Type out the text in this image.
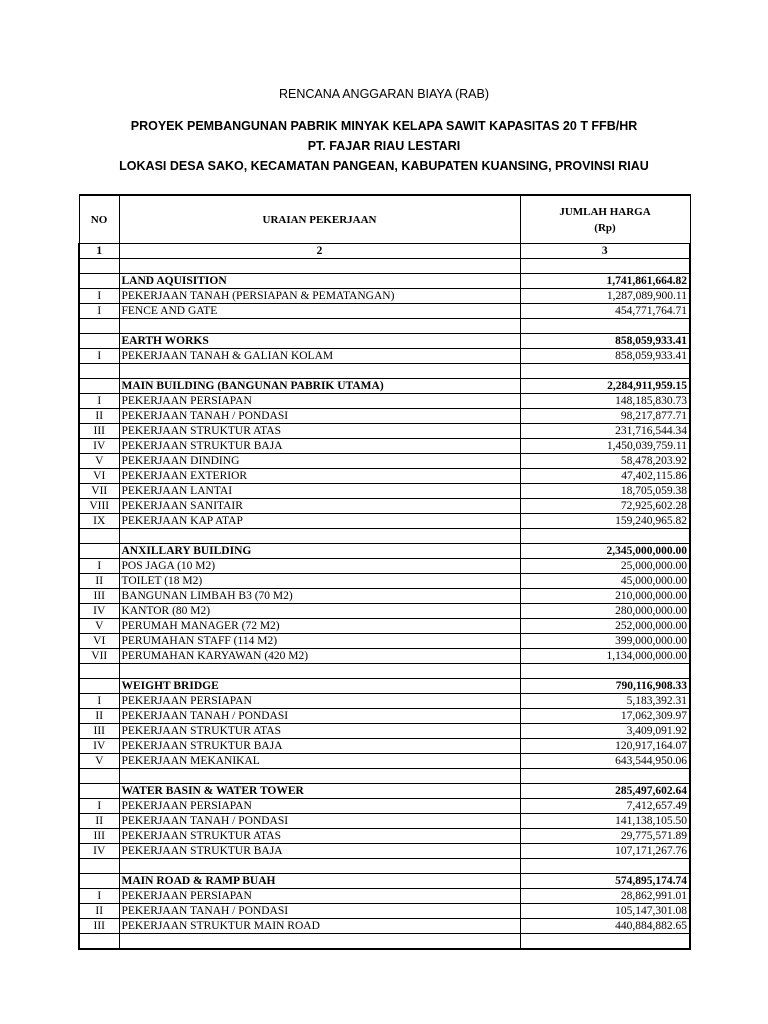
RENCANA ANGGARAN BIAYA (RAB)
PROYEK PEMBANGUNAN PABRIK MINYAK KELAPA SAWIT KAPASITAS 20 T FFB/HR
PT. FAJAR RIAU LESTARI
LOKASI DESA SAKO, KECAMATAN PANGEAN, KABUPATEN KUANSING, PROVINSI RIAU
NO	URAIAN PEKERJAAN	JUMLAH HARGA
(Rp)
1	2	3

	LAND AQUISITION	1,741,861,664.82
I	PEKERJAAN TANAH (PERSIAPAN & PEMATANGAN)	1,287,089,900.11
I	FENCE AND GATE	454,771,764.71

	EARTH WORKS	858,059,933.41
I	PEKERJAAN TANAH & GALIAN KOLAM	858,059,933.41

	MAIN BUILDING (BANGUNAN PABRIK UTAMA)	2,284,911,959.15
I	PEKERJAAN PERSIAPAN	148,185,830.73
II	PEKERJAAN TANAH / PONDASI	98,217,877.71
III	PEKERJAAN STRUKTUR ATAS	231,716,544.34
IV	PEKERJAAN STRUKTUR BAJA	1,450,039,759.11
V	PEKERJAAN DINDING	58,478,203.92
VI	PEKERJAAN EXTERIOR	47,402,115.86
VII	PEKERJAAN LANTAI	18,705,059.38
VIII	PEKERJAAN SANITAIR	72,925,602.28
IX	PEKERJAAN KAP ATAP	159,240,965.82

	ANXILLARY BUILDING	2,345,000,000.00
I	POS JAGA (10 M2)	25,000,000.00
II	TOILET (18 M2)	45,000,000.00
III	BANGUNAN LIMBAH B3 (70 M2)	210,000,000.00
IV	KANTOR (80 M2)	280,000,000.00
V	PERUMAH MANAGER (72 M2)	252,000,000.00
VI	PERUMAHAN STAFF (114 M2)	399,000,000.00
VII	PERUMAHAN KARYAWAN (420 M2)	1,134,000,000.00

	WEIGHT BRIDGE	790,116,908.33
I	PEKERJAAN PERSIAPAN	5,183,392.31
II	PEKERJAAN TANAH / PONDASI	17,062,309.97
III	PEKERJAAN STRUKTUR ATAS	3,409,091.92
IV	PEKERJAAN STRUKTUR BAJA	120,917,164.07
V	PEKERJAAN MEKANIKAL	643,544,950.06

	WATER BASIN & WATER TOWER	285,497,602.64
I	PEKERJAAN PERSIAPAN	7,412,657.49
II	PEKERJAAN TANAH / PONDASI	141,138,105.50
III	PEKERJAAN STRUKTUR ATAS	29,775,571.89
IV	PEKERJAAN STRUKTUR BAJA	107,171,267.76

	MAIN ROAD & RAMP BUAH	574,895,174.74
I	PEKERJAAN PERSIAPAN	28,862,991.01
II	PEKERJAAN TANAH / PONDASI	105,147,301.08
III	PEKERJAAN STRUKTUR MAIN ROAD	440,884,882.65
